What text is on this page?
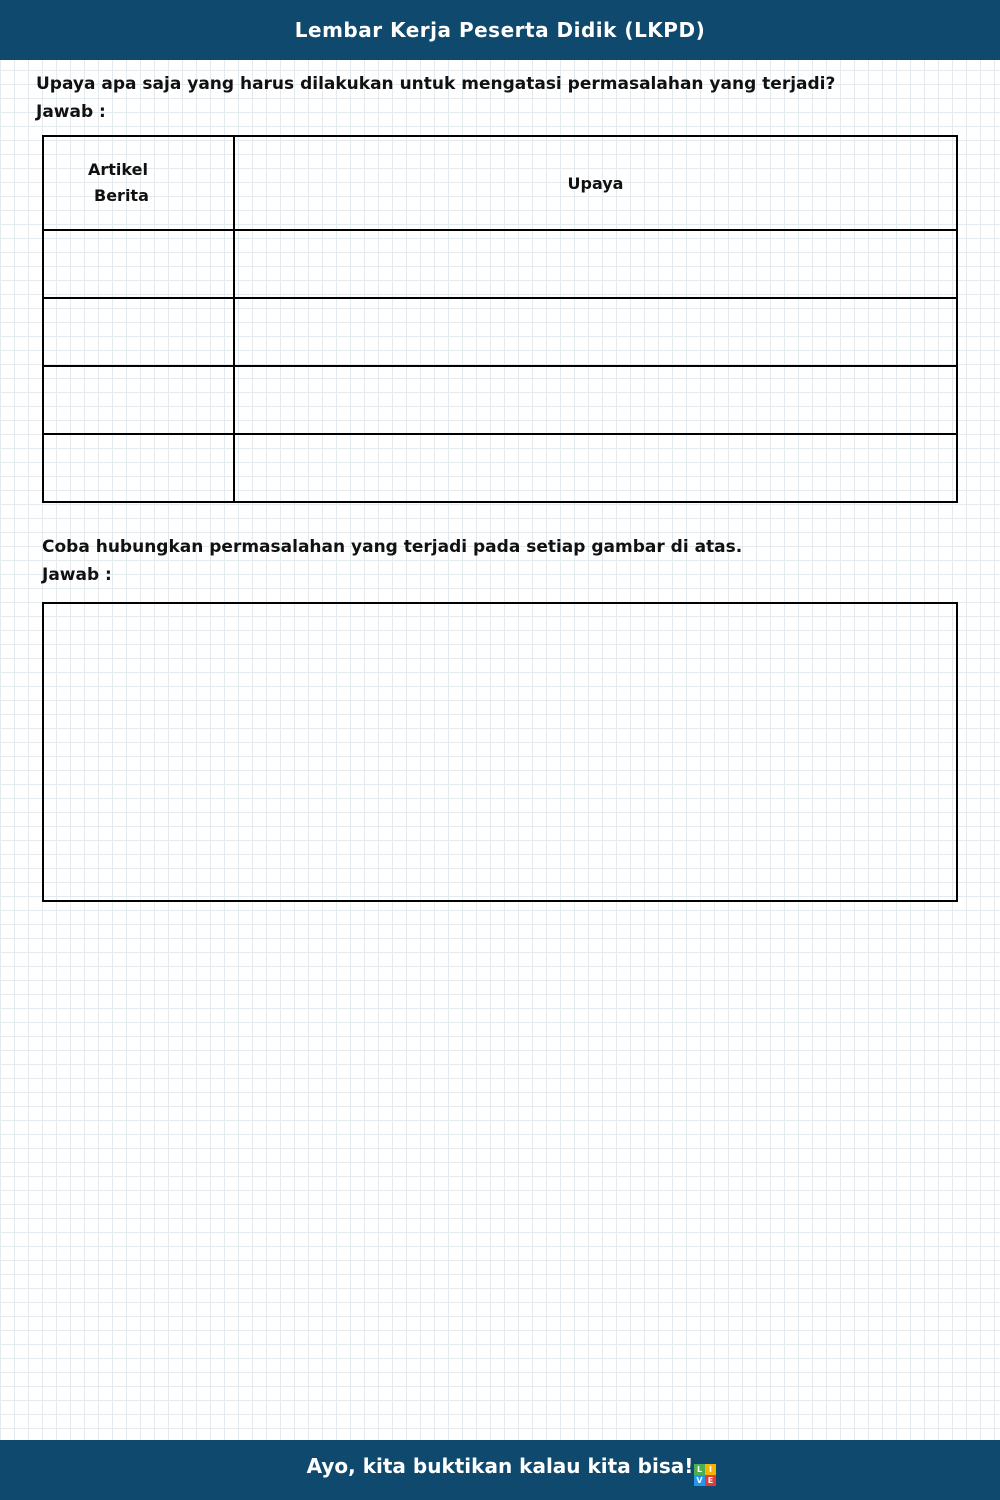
Lembar Kerja Peserta Didik (LKPD)
Upaya apa saja yang harus dilakukan untuk mengatasi permasalahan yang terjadi?
Jawab :
Artikel
Berita	Upaya

Coba hubungkan permasalahan yang terjadi pada setiap gambar di atas.
Jawab :
Ayo, kita buktikan kalau kita bisa! L I
V E
